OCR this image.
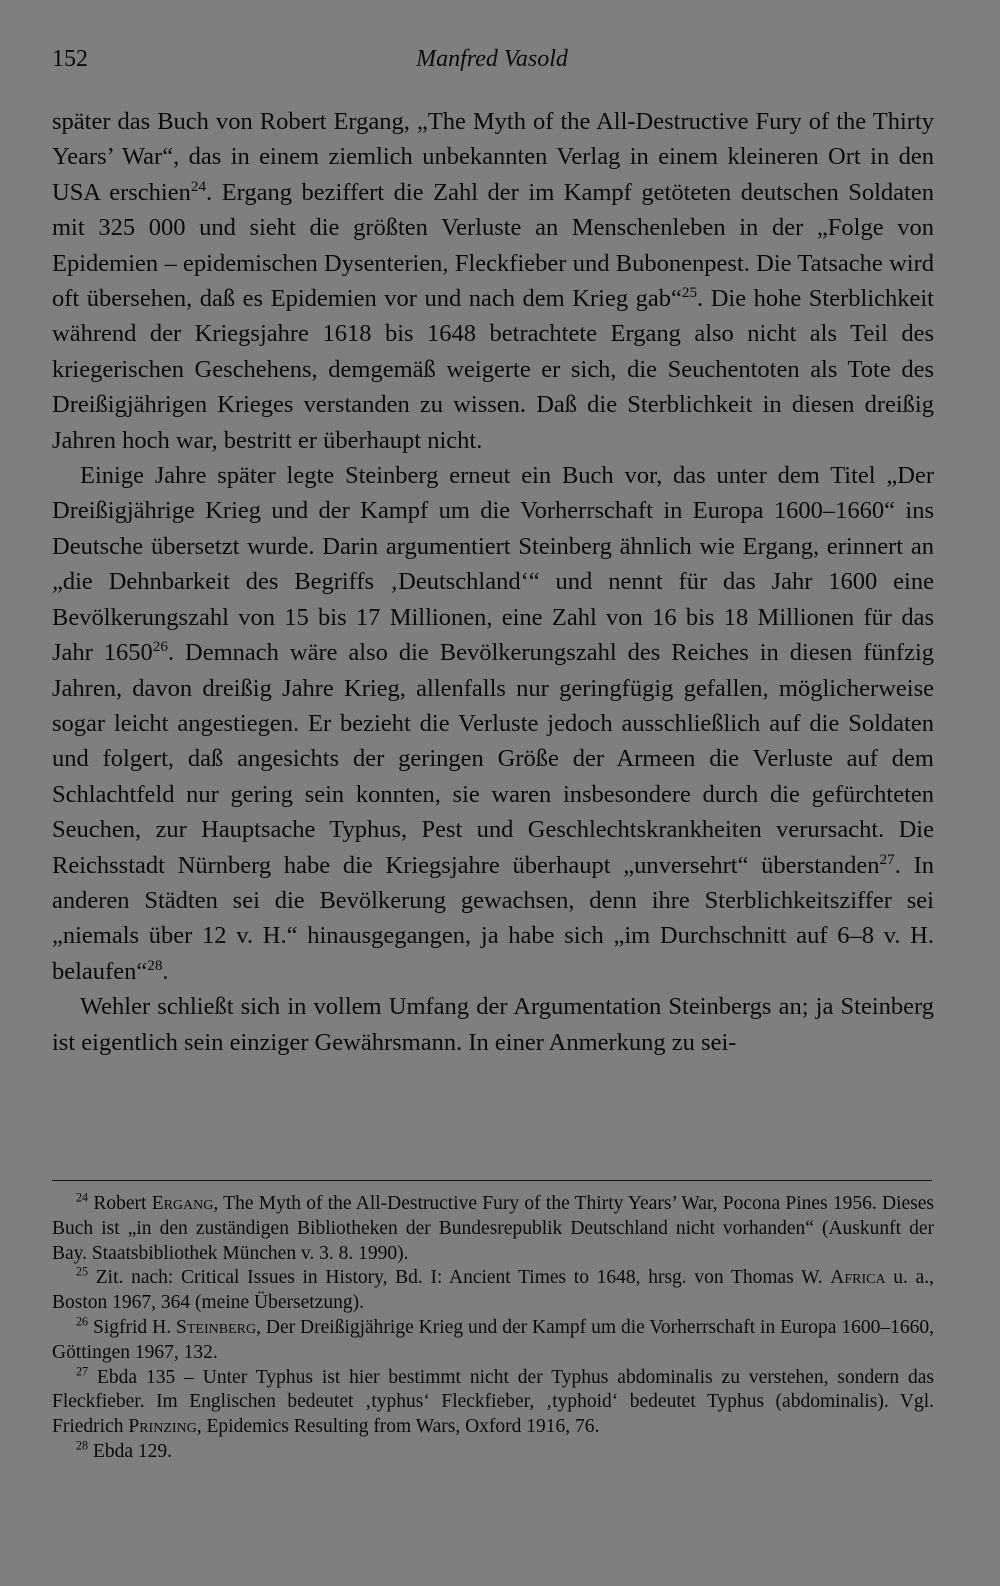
152	Manfred Vasold

später das Buch von Robert Ergang, „The Myth of the All-Destructive Fury of the Thirty Years’ War“, das in einem ziemlich unbekannten Verlag in einem kleineren Ort in den USA erschien$^{24}$. Ergang beziffert die Zahl der im Kampf getöteten deutschen Soldaten mit 325 000 und sieht die größten Verluste an Menschenleben in der „Folge von Epidemien – epidemischen Dysenterien, Fleckfieber und Bubonenpest. Die Tatsache wird oft übersehen, daß es Epidemien vor und nach dem Krieg gab“$^{25}$. Die hohe Sterblichkeit während der Kriegsjahre 1618 bis 1648 betrachtete Ergang also nicht als Teil des kriegerischen Geschehens, demgemäß weigerte er sich, die Seuchentoten als Tote des Dreißigjährigen Krieges verstanden zu wissen. Daß die Sterblichkeit in diesen dreißig Jahren hoch war, bestritt er überhaupt nicht.

Einige Jahre später legte Steinberg erneut ein Buch vor, das unter dem Titel „Der Dreißigjährige Krieg und der Kampf um die Vorherrschaft in Europa 1600–1660“ ins Deutsche übersetzt wurde. Darin argumentiert Steinberg ähnlich wie Ergang, erinnert an „die Dehnbarkeit des Begriffs ‚Deutschland‘“ und nennt für das Jahr 1600 eine Bevölkerungszahl von 15 bis 17 Millionen, eine Zahl von 16 bis 18 Millionen für das Jahr 1650$^{26}$. Demnach wäre also die Bevölkerungszahl des Reiches in diesen fünfzig Jahren, davon dreißig Jahre Krieg, allenfalls nur geringfügig gefallen, möglicherweise sogar leicht angestiegen. Er bezieht die Verluste jedoch ausschließlich auf die Soldaten und folgert, daß angesichts der geringen Größe der Armeen die Verluste auf dem Schlachtfeld nur gering sein konnten, sie waren insbesondere durch die gefürchteten Seuchen, zur Hauptsache Typhus, Pest und Geschlechtskrankheiten verursacht. Die Reichsstadt Nürnberg habe die Kriegsjahre überhaupt „unversehrt“ überstanden$^{27}$. In anderen Städten sei die Bevölkerung gewachsen, denn ihre Sterblichkeitsziffer sei „niemals über 12 v. H.“ hinausgegangen, ja habe sich „im Durchschnitt auf 6–8 v. H. belaufen“$^{28}$.

Wehler schließt sich in vollem Umfang der Argumentation Steinbergs an; ja Steinberg ist eigentlich sein einziger Gewährsmann. In einer Anmerkung zu sei-

$^{24}$ Robert Ergang, The Myth of the All-Destructive Fury of the Thirty Years’ War, Pocona Pines 1956. Dieses Buch ist „in den zuständigen Bibliotheken der Bundesrepublik Deutschland nicht vorhanden“ (Auskunft der Bay. Staatsbibliothek München v. 3. 8. 1990).

$^{25}$ Zit. nach: Critical Issues in History, Bd. I: Ancient Times to 1648, hrsg. von Thomas W. Africa u. a., Boston 1967, 364 (meine Übersetzung).

$^{26}$ Sigfrid H. Steinberg, Der Dreißigjährige Krieg und der Kampf um die Vorherrschaft in Europa 1600–1660, Göttingen 1967, 132.

$^{27}$ Ebda 135 – Unter Typhus ist hier bestimmt nicht der Typhus abdominalis zu verstehen, sondern das Fleckfieber. Im Englischen bedeutet ‚typhus‘ Fleckfieber, ‚typhoid‘ bedeutet Typhus (abdominalis). Vgl. Friedrich Prinzing, Epidemics Resulting from Wars, Oxford 1916, 76.

$^{28}$ Ebda 129.
